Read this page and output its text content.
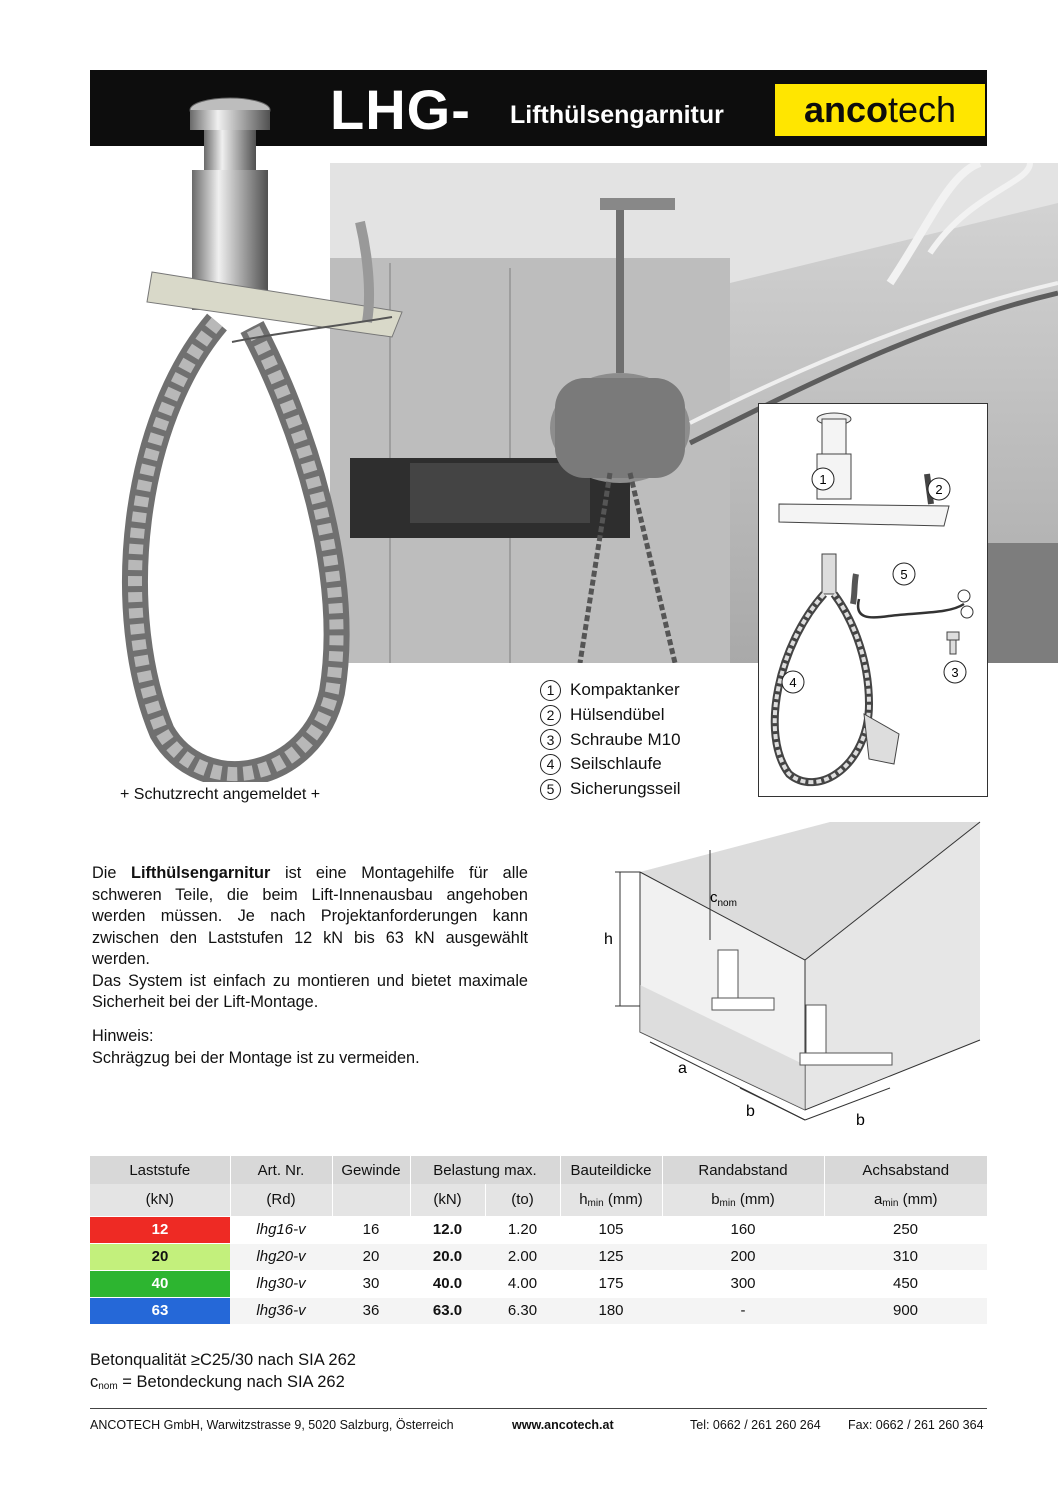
LHG- Lifthülsengarnitur anco tech
+ Schutzrecht angemeldet +
1 Kompaktanker
2 Hülsendübel
3 Schraube M10
4 Seilschlaufe
5 Sicherungsseil
1
2
5
3
4

Die Lifthülsengarnitur ist eine Montagehilfe für alle schweren Teile, die beim Lift-Innenausbau angehoben werden müssen. Je nach Projektanforderungen kann zwischen den Laststufen 12 kN bis 63 kN ausgewählt werden.

Das System ist einfach zu montieren und bietet maximale Sicherheit bei der Lift-Montage.

Hinweis:

Schrägzug bei der Montage ist zu vermeiden.

$c_{nom}$
h
a
b
b
Laststufe	Art. Nr.	Gewinde	Belastung max.		Bauteildicke	Randabstand	Achsabstand
(kN)	(Rd)		(kN)	(to)	$h_{min}$ (mm)	$b_{min}$ (mm)	$a_{min}$ (mm)
12	lhg16-v	16	12.0	1.20	105	160	250
20	lhg20-v	20	20.0	2.00	125	200	310
40	lhg30-v	30	40.0	4.00	175	300	450
63	lhg36-v	36	63.0	6.30	180	-	900

Betonqualität ≥C25/30 nach SIA 262

$c_{nom}$ = Betondeckung nach SIA 262

ANCOTECH GmbH, Warwitzstrasse 9, 5020 Salzburg, Österreich	www.ancotech.at	Tel: 0662 / 261 260 264 Fax: 0662 / 261 260 364
